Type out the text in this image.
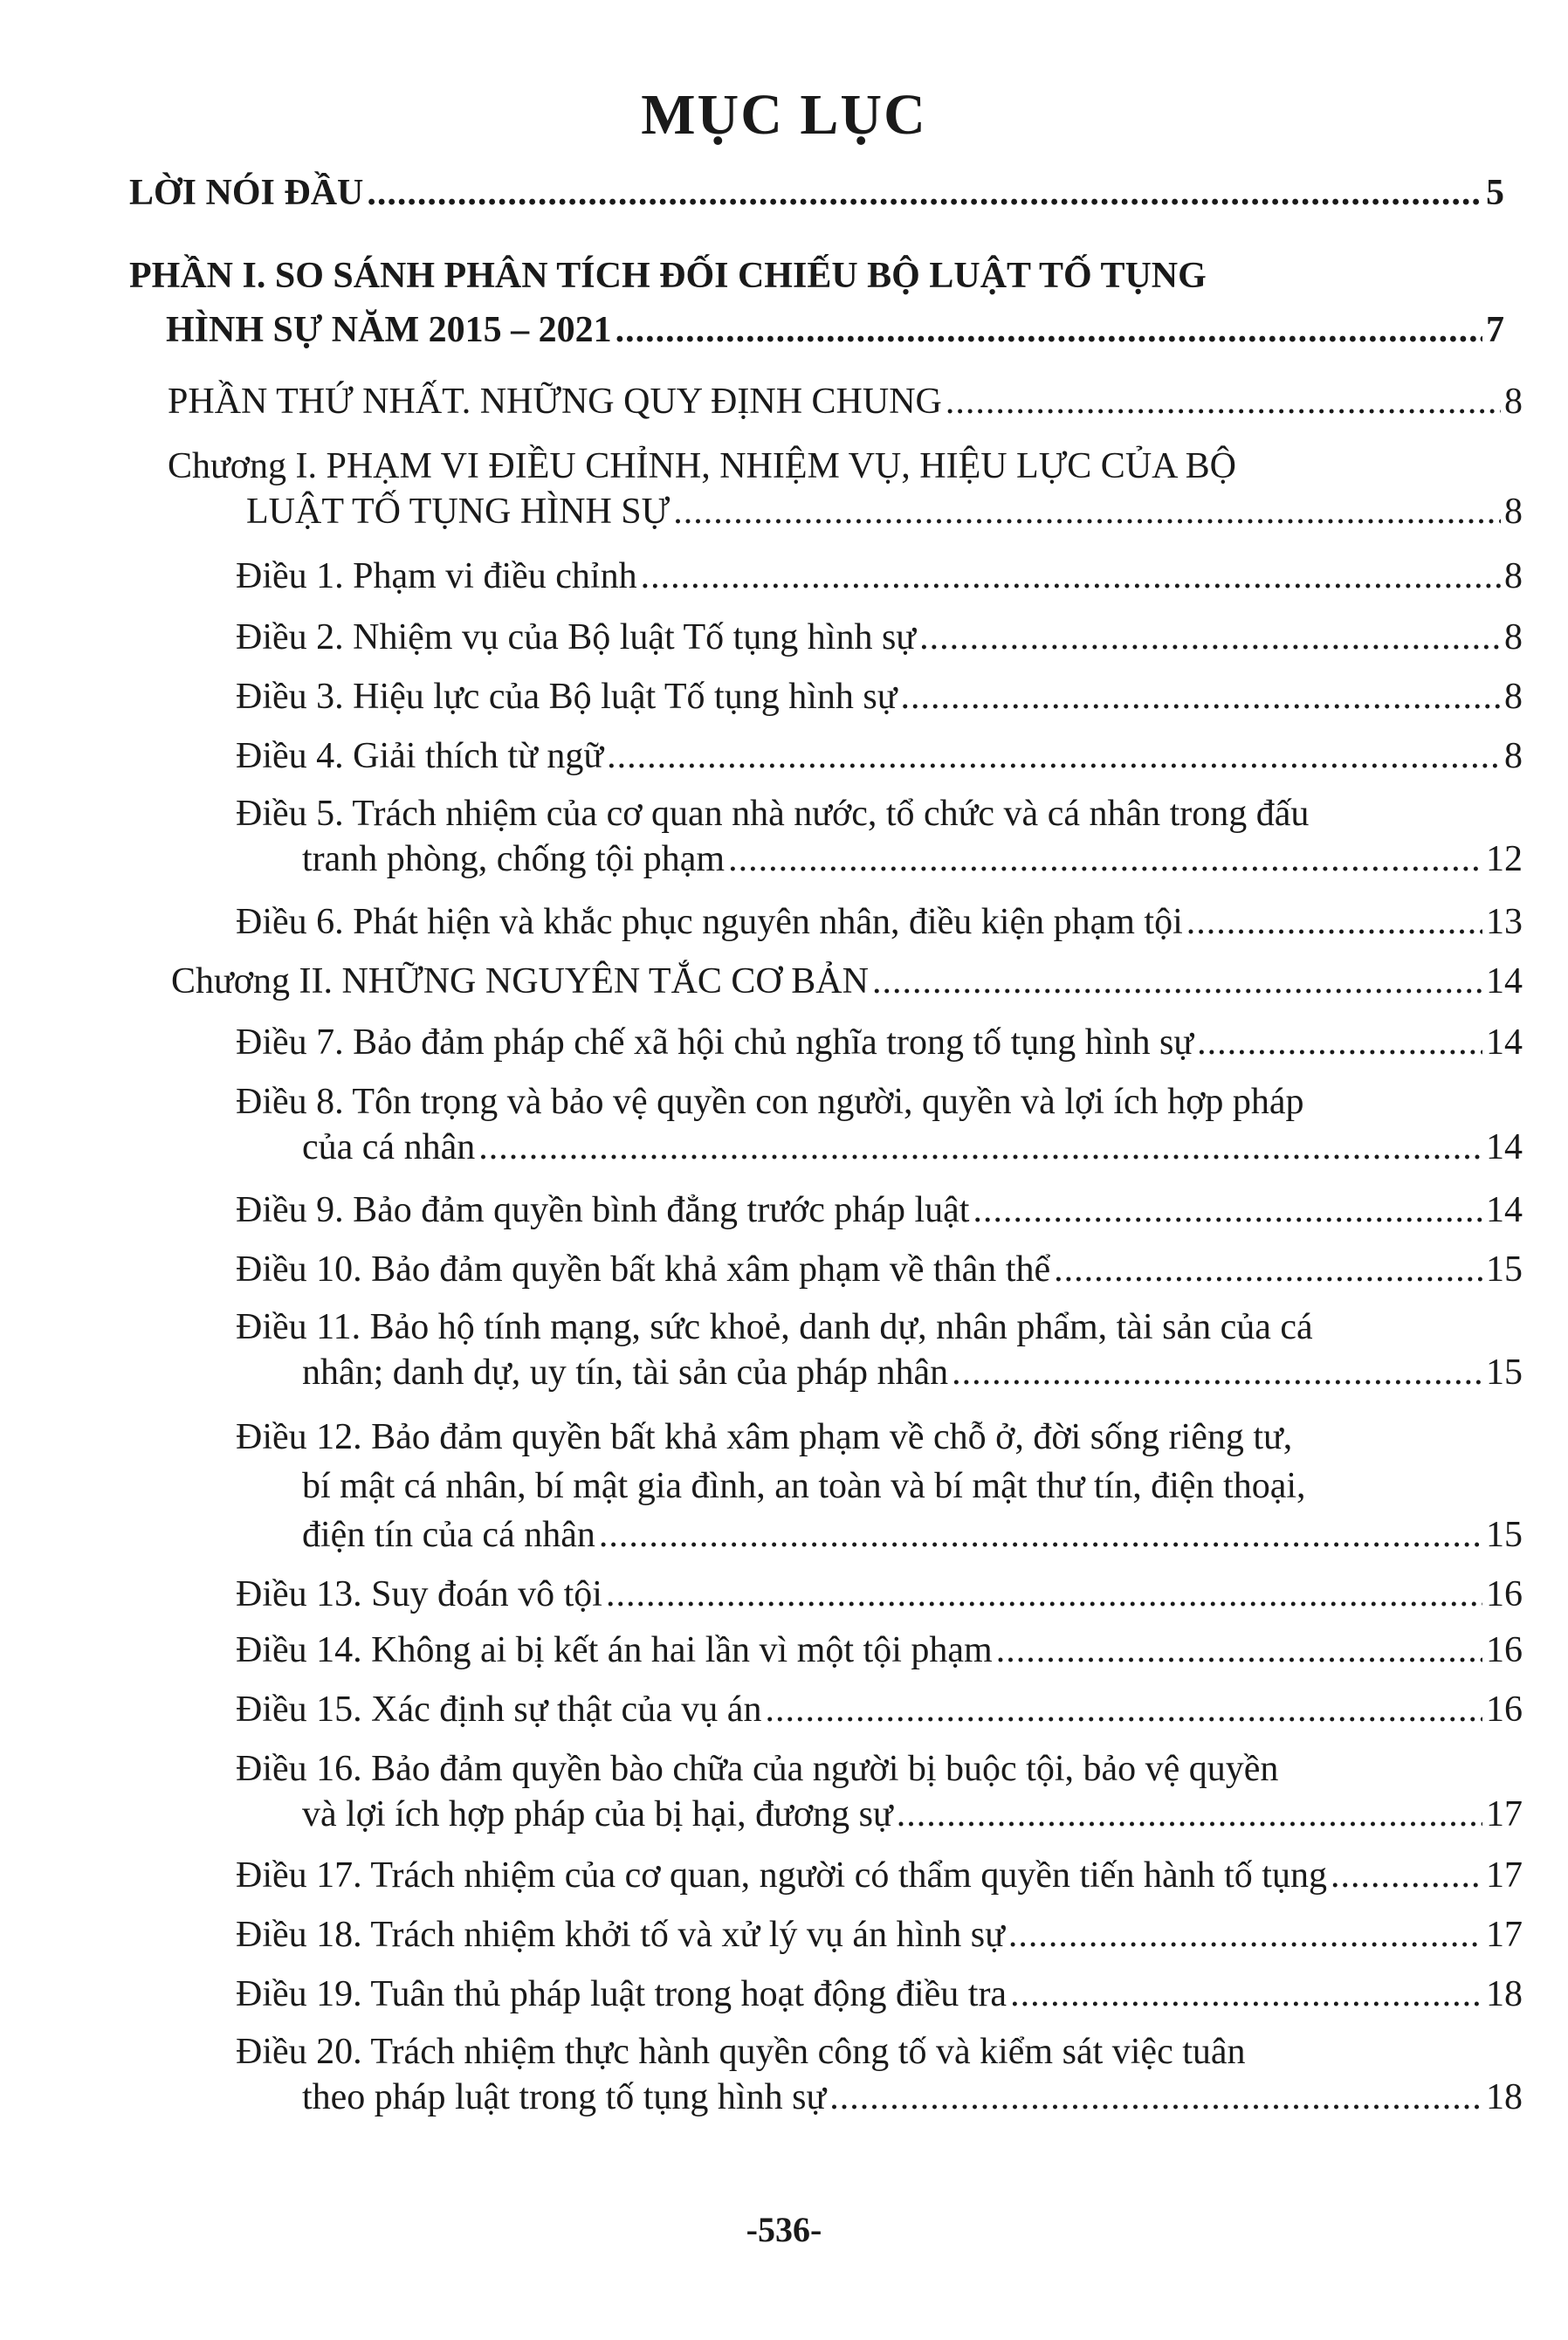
MỤC LỤC
LỜI NÓI ĐẦU .....	5
PHẦN I. SO SÁNH PHÂN TÍCH ĐỐI CHIẾU BỘ LUẬT TỐ TỤNG
HÌNH SỰ NĂM 2015 – 2021 .....	7
PHẦN THỨ NHẤT. NHỮNG QUY ĐỊNH CHUNG .....	8
Chương I. PHẠM VI ĐIỀU CHỈNH, NHIỆM VỤ, HIỆU LỰC CỦA BỘ
LUẬT TỐ TỤNG HÌNH SỰ .....	8
Điều 1. Phạm vi điều chỉnh .....	8
Điều 2. Nhiệm vụ của Bộ luật Tố tụng hình sự .....	8
Điều 3. Hiệu lực của Bộ luật Tố tụng hình sự .....	8
Điều 4. Giải thích từ ngữ .....	8
Điều 5. Trách nhiệm của cơ quan nhà nước, tổ chức và cá nhân trong đấu
tranh phòng, chống tội phạm .....	12
Điều 6. Phát hiện và khắc phục nguyên nhân, điều kiện phạm tội .....	13
Chương II. NHỮNG NGUYÊN TẮC CƠ BẢN .....	14
Điều 7. Bảo đảm pháp chế xã hội chủ nghĩa trong tố tụng hình sự .....	14
Điều 8. Tôn trọng và bảo vệ quyền con người, quyền và lợi ích hợp pháp
của cá nhân .....	14
Điều 9. Bảo đảm quyền bình đẳng trước pháp luật .....	14
Điều 10. Bảo đảm quyền bất khả xâm phạm về thân thể .....	15
Điều 11. Bảo hộ tính mạng, sức khoẻ, danh dự, nhân phẩm, tài sản của cá
nhân; danh dự, uy tín, tài sản của pháp nhân .....	15
Điều 12. Bảo đảm quyền bất khả xâm phạm về chỗ ở, đời sống riêng tư,
bí mật cá nhân, bí mật gia đình, an toàn và bí mật thư tín, điện thoại,
điện tín của cá nhân .....	15
Điều 13. Suy đoán vô tội .....	16
Điều 14. Không ai bị kết án hai lần vì một tội phạm .....	16
Điều 15. Xác định sự thật của vụ án .....	16
Điều 16. Bảo đảm quyền bào chữa của người bị buộc tội, bảo vệ quyền
và lợi ích hợp pháp của bị hại, đương sự .....	17
Điều 17. Trách nhiệm của cơ quan, người có thẩm quyền tiến hành tố tụng .....	17
Điều 18. Trách nhiệm khởi tố và xử lý vụ án hình sự .....	17
Điều 19. Tuân thủ pháp luật trong hoạt động điều tra .....	18
Điều 20. Trách nhiệm thực hành quyền công tố và kiểm sát việc tuân
theo pháp luật trong tố tụng hình sự .....	18
-536-
